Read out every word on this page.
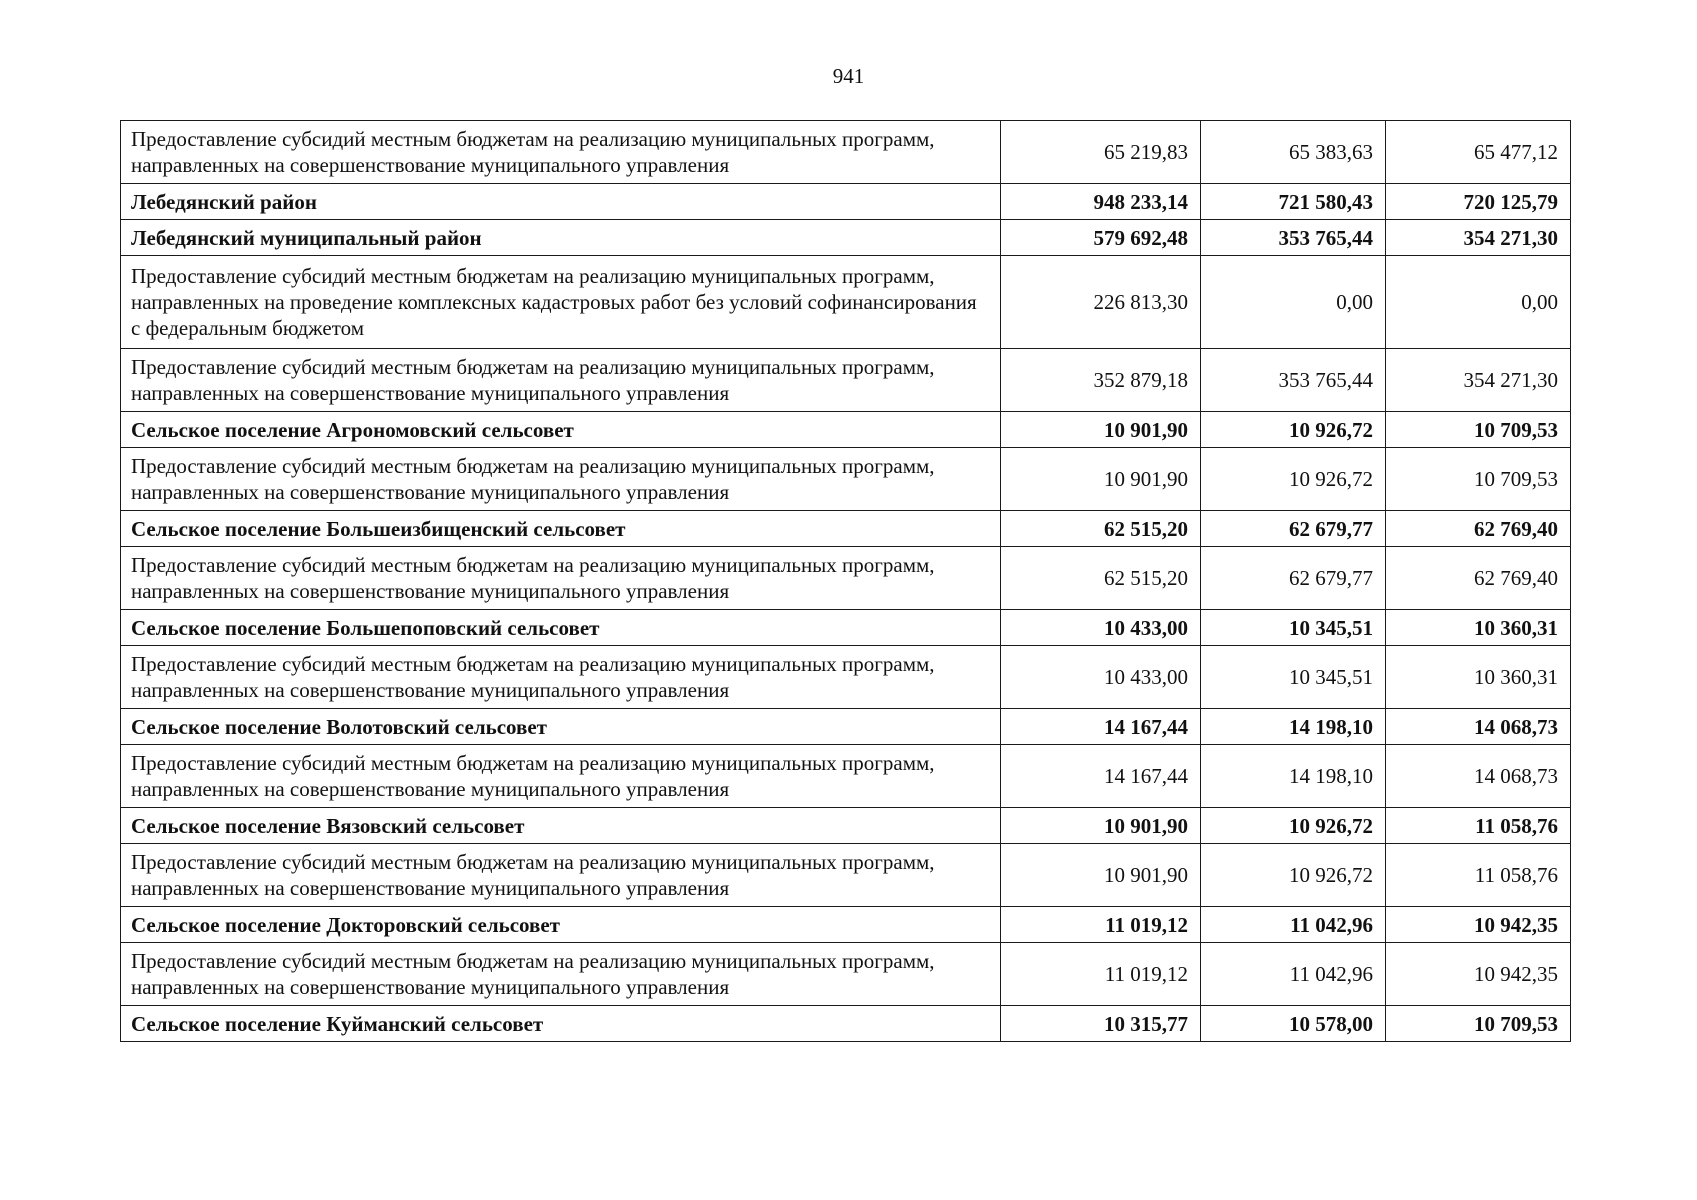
941
Предоставление субсидий местным бюджетам на реализацию муниципальных программ, направленных на совершенствование муниципального управления	65 219,83	65 383,63	65 477,12
Лебедянский район	948 233,14	721 580,43	720 125,79
Лебедянский муниципальный район	579 692,48	353 765,44	354 271,30
Предоставление субсидий местным бюджетам на реализацию муниципальных программ, направленных на проведение комплексных кадастровых работ без условий софинансирования с федеральным бюджетом	226 813,30	0,00	0,00
Предоставление субсидий местным бюджетам на реализацию муниципальных программ, направленных на совершенствование муниципального управления	352 879,18	353 765,44	354 271,30
Сельское поселение Агрономовский сельсовет	10 901,90	10 926,72	10 709,53
Предоставление субсидий местным бюджетам на реализацию муниципальных программ, направленных на совершенствование муниципального управления	10 901,90	10 926,72	10 709,53
Сельское поселение Большеизбищенский сельсовет	62 515,20	62 679,77	62 769,40
Предоставление субсидий местным бюджетам на реализацию муниципальных программ, направленных на совершенствование муниципального управления	62 515,20	62 679,77	62 769,40
Сельское поселение Большепоповский сельсовет	10 433,00	10 345,51	10 360,31
Предоставление субсидий местным бюджетам на реализацию муниципальных программ, направленных на совершенствование муниципального управления	10 433,00	10 345,51	10 360,31
Сельское поселение Волотовский сельсовет	14 167,44	14 198,10	14 068,73
Предоставление субсидий местным бюджетам на реализацию муниципальных программ, направленных на совершенствование муниципального управления	14 167,44	14 198,10	14 068,73
Сельское поселение Вязовский сельсовет	10 901,90	10 926,72	11 058,76
Предоставление субсидий местным бюджетам на реализацию муниципальных программ, направленных на совершенствование муниципального управления	10 901,90	10 926,72	11 058,76
Сельское поселение Докторовский сельсовет	11 019,12	11 042,96	10 942,35
Предоставление субсидий местным бюджетам на реализацию муниципальных программ, направленных на совершенствование муниципального управления	11 019,12	11 042,96	10 942,35
Сельское поселение Куйманский сельсовет	10 315,77	10 578,00	10 709,53
